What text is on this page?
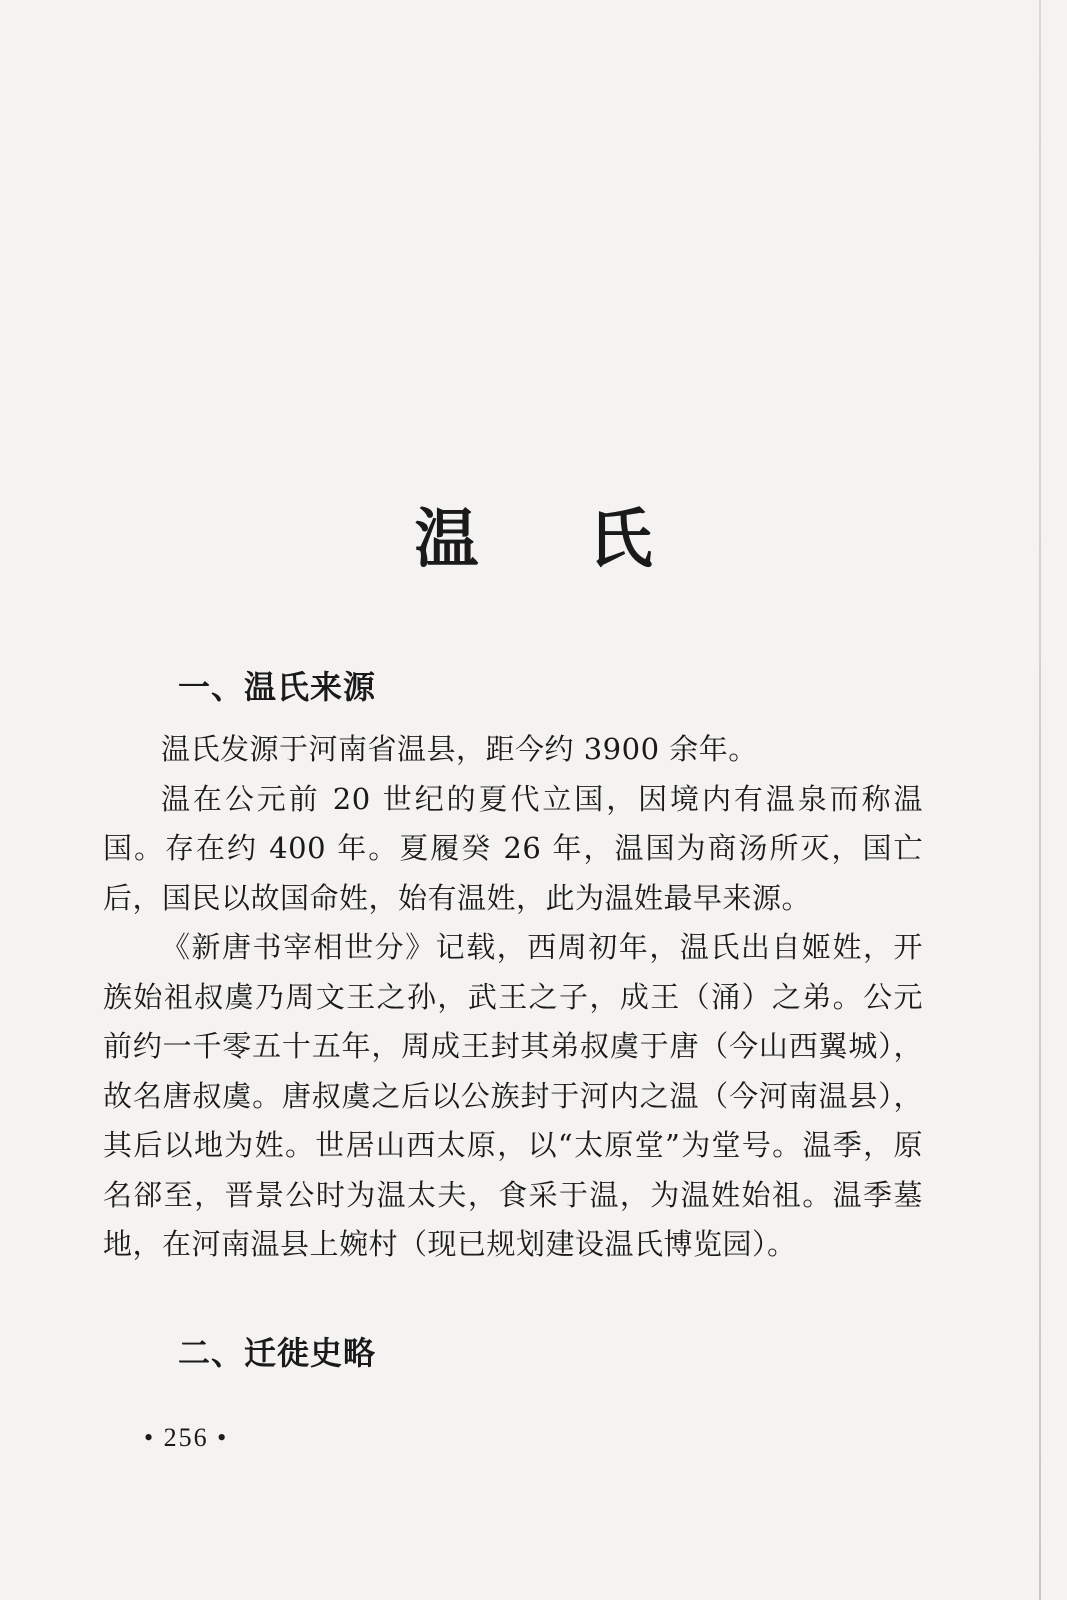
温 氏
一、温氏来源

温氏发源于河南省温县，距今约 3900 余年。

温在公元前 20 世纪的夏代立国，因境内有温泉而称温国。存在约 400 年。夏履癸 26 年，温国为商汤所灭，国亡后，国民以故国命姓，始有温姓，此为温姓最早来源。

《新唐书宰相世分》记载，西周初年，温氏出自姬姓，开族始祖叔虞乃周文王之孙，武王之子，成王（涌）之弟。公元前约一千零五十五年，周成王封其弟叔虞于唐（今山西翼城），故名唐叔虞。唐叔虞之后以公族封于河内之温（今河南温县），其后以地为姓。世居山西太原，以“太原堂”为堂号。温季，原名郤至，晋景公时为温太夫，食采于温，为温姓始祖。温季墓地，在河南温县上婉村（现已规划建设温氏博览园）。

二、迁徙史略
• 256 •
